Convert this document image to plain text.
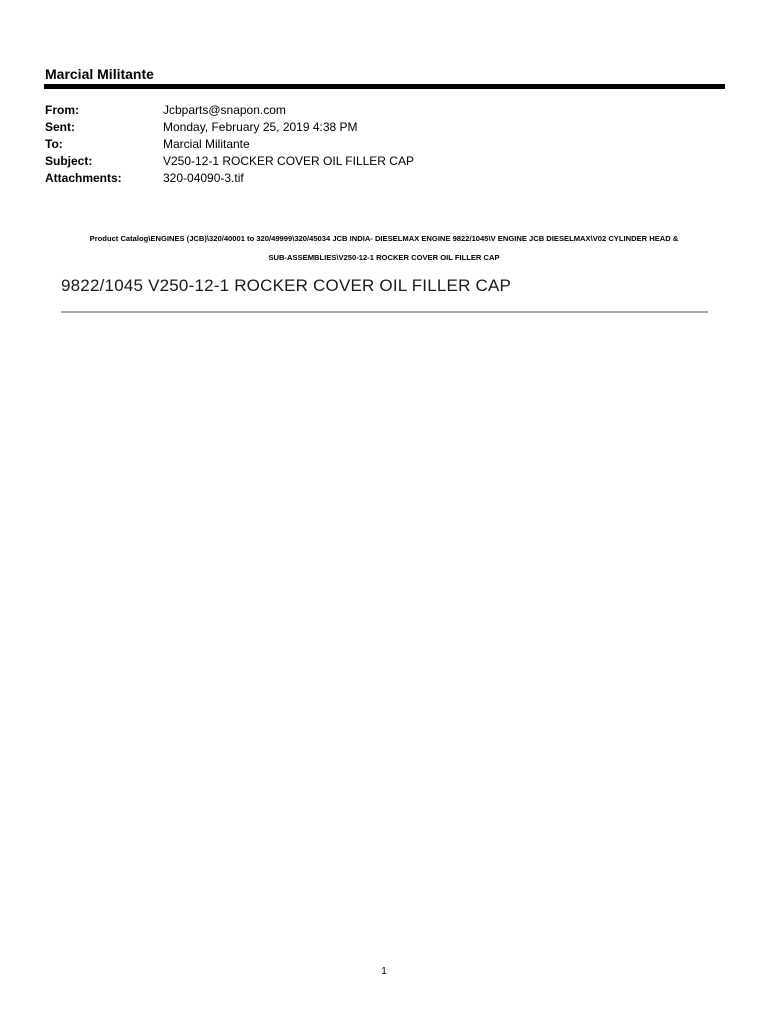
Marcial Militante
From:	Jcbparts@snapon.com
Sent:	Monday, February 25, 2019 4:38 PM
To:	Marcial Militante
Subject:	V250-12-1 ROCKER COVER OIL FILLER CAP
Attachments:	320-04090-3.tif
Product Catalog\ENGINES (JCB)\320/40001 to 320/49999\320/45034 JCB INDIA- DIESELMAX ENGINE 9822/1045\V ENGINE JCB DIESELMAX\V02 CYLINDER HEAD &
SUB-ASSEMBLIES\V250-12-1 ROCKER COVER OIL FILLER CAP
9822/1045 V250-12-1 ROCKER COVER OIL FILLER CAP
1
